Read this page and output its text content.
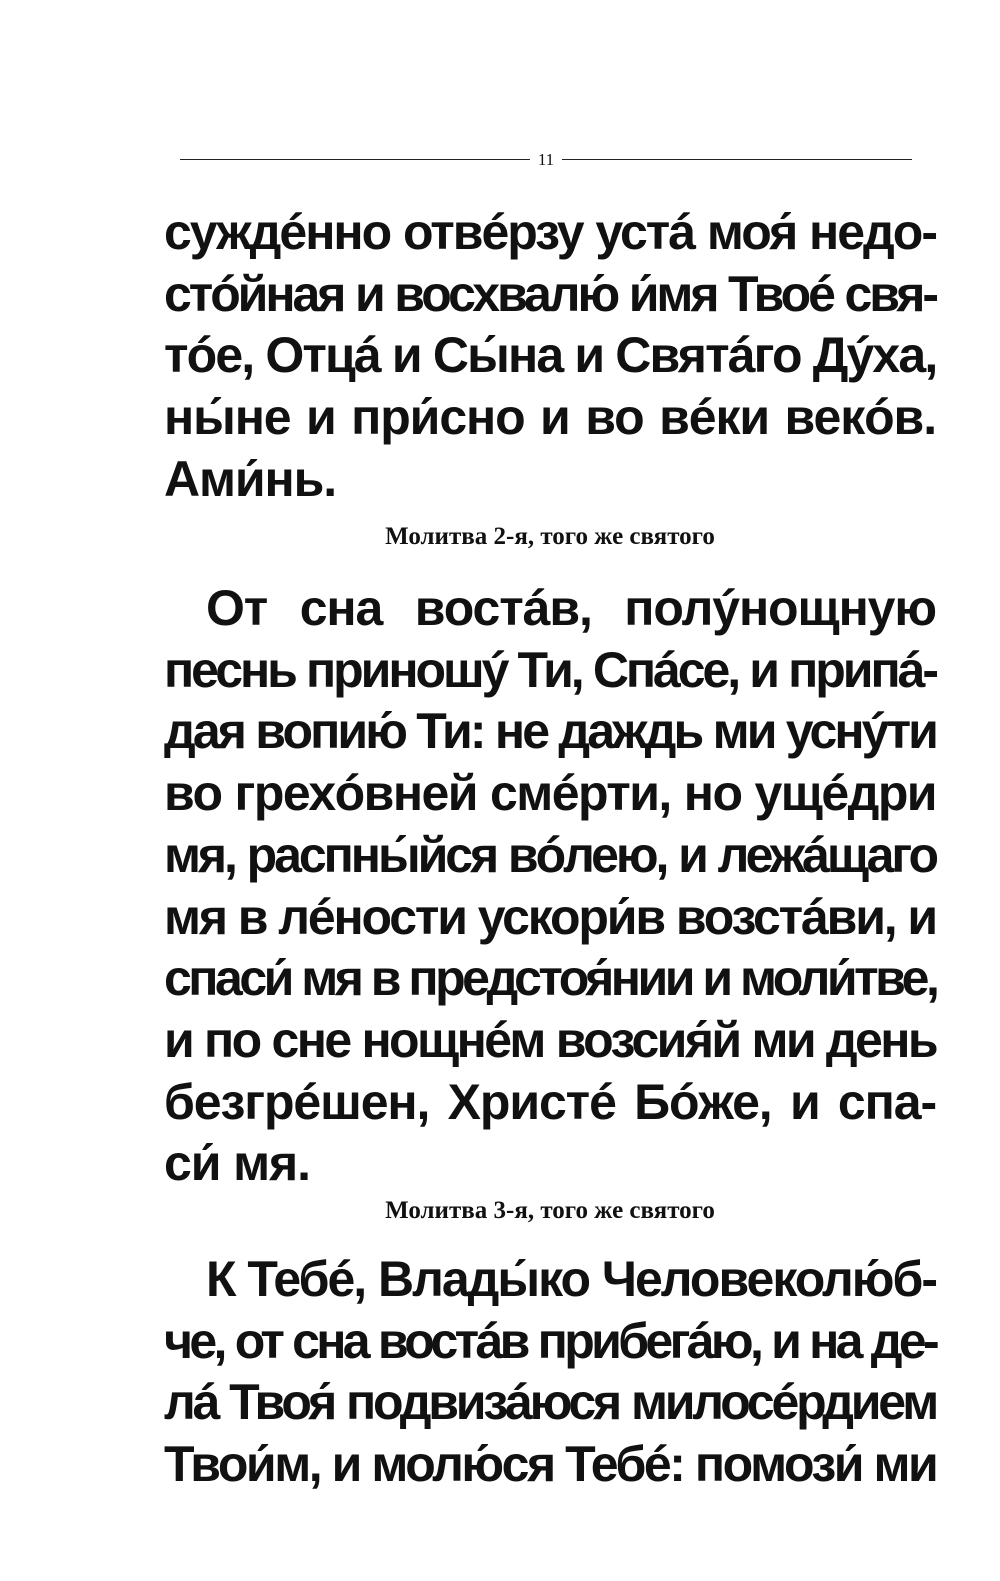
11
суждéнно отвéрзу устá моя́ недо-
стóйная и восхвалю́ и́мя Твоé свя-
тóе, Отцá и Сы́на и Святáго Дýха,
ны́не и при́сно и во вéки векóв.
Ами́нь.
Молитва 2-я, того же святого
От сна востáв, полýнощную
песнь приношý Ти, Спáсе, и припá-
дая вопию́ Ти: не даждь ми уснýти
во грехóвней смéрти, но ущéдри
мя, распны́йся вóлею, и лежáщаго
мя в лéности ускори́в возстáви, и
спаси́ мя в предстоя́нии и моли́тве,
и по сне нощнéм возсия́й ми день
безгрéшен, Христé Бóже, и спа-
си́ мя.
Молитва 3-я, того же святого
К Тебé, Влады́ко Человеколю́б-
че, от сна востáв прибегáю, и на де-
лá Твоя́ подвизáюся милосéрдием
Твои́м, и молю́ся Тебé: помози́ ми
